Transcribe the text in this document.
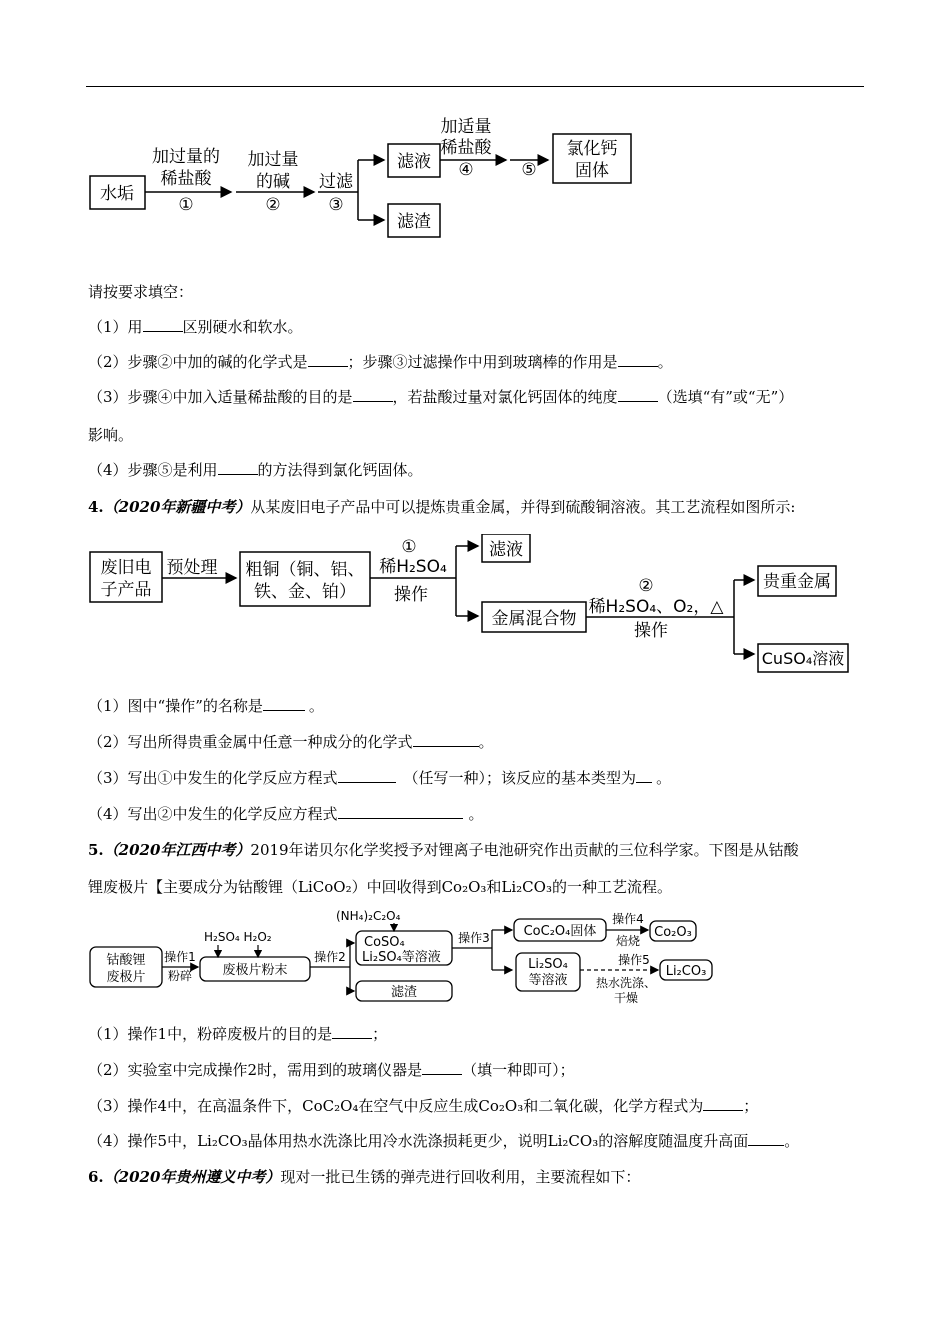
水垢
加过量的
稀盐酸
①
加过量
的碱
②
过滤
③
滤液
滤渣
加适量
稀盐酸
④	⑤
氯化钙
固体
请按要求填空：
（1）用	区别硬水和软水。
（2）步骤②中加的碱的化学式是	；步骤③过滤操作中用到玻璃棒的作用是	。
（3）步骤④中加入适量稀盐酸的目的是	，若盐酸过量对氯化钙固体的纯度	（选填“有”或“无”）
影响。
（4）步骤⑤是利用	的方法得到氯化钙固体。
4.（2020年新疆中考）从某废旧电子产品中可以提炼贵重金属，并得到硫酸铜溶液。其工艺流程如图所示:
废旧电
子产品
预处理 粗铜（铜、铝、
铁、金、铂）
①
稀H₂SO₄
操作
滤液
金属混合物
②
稀H₂SO₄、O₂，△
操作
贵重金属
CuSO₄溶液
（1）图中“操作”的名称是	。
（2）写出所得贵重金属中任意一种成分的化学式	。
（3）写出①中发生的化学反应方程式	（任写一种）；该反应的基本类型为 。
（4）写出②中发生的化学反应方程式	。
5.（2020年江西中考）2019年诺贝尔化学奖授予对锂离子电池研究作出贡献的三位科学家。下图是从钴酸
锂废极片【主要成分为钴酸锂（LiCoO₂）中回收得到Co₂O₃和Li₂CO₃的一种工艺流程。
钴酸锂
废极片
操作1
粉碎
H₂SO₄ H₂O₂
废极片粉末
操作2
(NH₄)₂C₂O₄
CoSO₄
Li₂SO₄等溶液
滤渣
操作3	CoC₂O₄固体
操作4
焙烧
Co₂O₃
Li₂SO₄
等溶液
操作5
热水洗涤、
干燥
Li₂CO₃
（1）操作1中，粉碎废极片的目的是	；
（2）实验室中完成操作2时，需用到的玻璃仪器是	（填一种即可）；
（3）操作4中，在高温条件下，CoC₂O₄在空气中反应生成Co₂O₃和二氧化碳，化学方程式为	；
（4）操作5中，Li₂CO₃晶体用热水洗涤比用冷水洗涤损耗更少，说明Li₂CO₃的溶解度随温度升高面 。
6.（2020年贵州遵义中考）现对一批已生锈的弹壳进行回收利用，主要流程如下：
